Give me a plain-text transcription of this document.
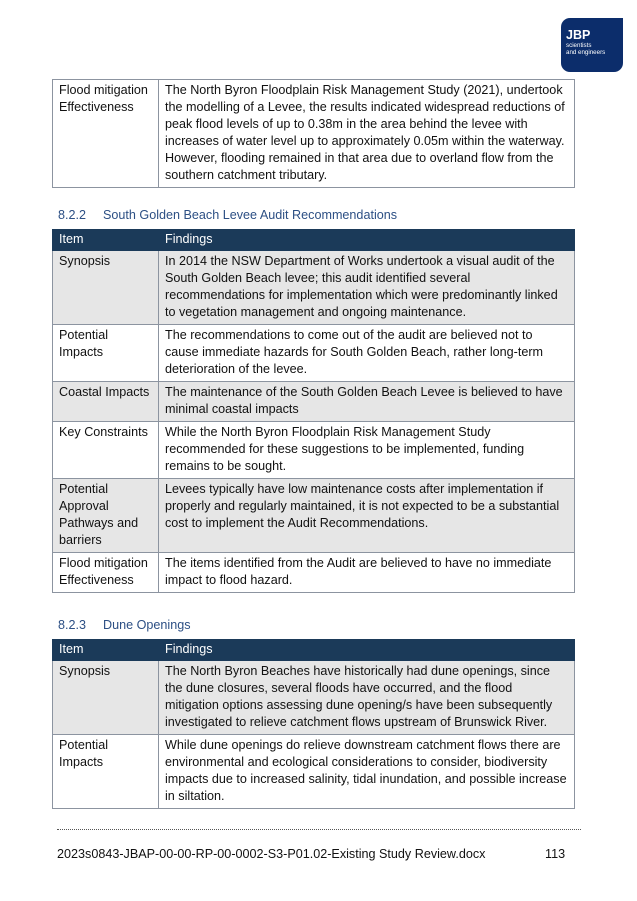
JBP
scientists
and engineers
Flood mitigation Effectiveness	The North Byron Floodplain Risk Management Study (2021), undertook the modelling of a Levee, the results indicated widespread reductions of peak flood levels of up to 0.38m in the area behind the levee with increases of water level up to approximately 0.05m within the waterway. However, flooding remained in that area due to overland flow from the southern catchment tributary.
8.2.2 South Golden Beach Levee Audit Recommendations
Item	Findings
Synopsis	In 2014 the NSW Department of Works undertook a visual audit of the South Golden Beach levee; this audit identified several recommendations for implementation which were predominantly linked to vegetation management and ongoing maintenance.
Potential Impacts	The recommendations to come out of the audit are believed not to cause immediate hazards for South Golden Beach, rather long-term deterioration of the levee.
Coastal Impacts	The maintenance of the South Golden Beach Levee is believed to have minimal coastal impacts
Key Constraints	While the North Byron Floodplain Risk Management Study recommended for these suggestions to be implemented, funding remains to be sought.
Potential Approval Pathways and barriers	Levees typically have low maintenance costs after implementation if properly and regularly maintained, it is not expected to be a substantial cost to implement the Audit Recommendations.
Flood mitigation Effectiveness	The items identified from the Audit are believed to have no immediate impact to flood hazard.
8.2.3 Dune Openings
Item	Findings
Synopsis	The North Byron Beaches have historically had dune openings, since the dune closures, several floods have occurred, and the flood mitigation options assessing dune opening/s have been subsequently investigated to relieve catchment flows upstream of Brunswick River.
Potential Impacts	While dune openings do relieve downstream catchment flows there are environmental and ecological considerations to consider, biodiversity impacts due to increased salinity, tidal inundation, and possible increase in siltation.
2023s0843-JBAP-00-00-RP-00-0002-S3-P01.02-Existing Study Review.docx	113
